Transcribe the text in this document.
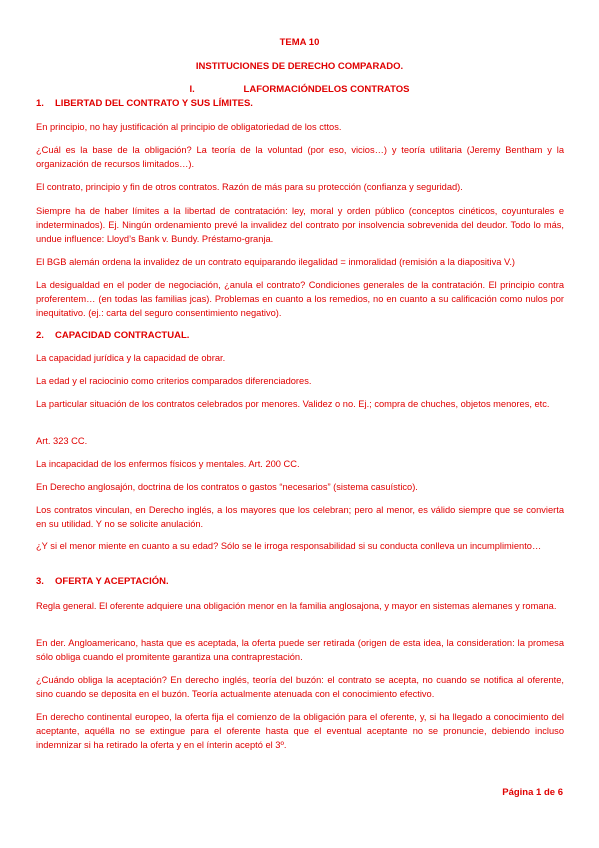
TEMA 10
INSTITUCIONES DE DERECHO COMPARADO.
I.	LAFORMACIÓNDELOS CONTRATOS
1. LIBERTAD DEL CONTRATO Y SUS LÍMITES.
En principio, no hay justificación al principio de obligatoriedad de los cttos.
¿Cuál es la base de la obligación? La teoría de la voluntad (por eso, vicios…) y teoría utilitaria (Jeremy Bentham y la organización de recursos limitados…).
El contrato, principio y fin de otros contratos. Razón de más para su protección (confianza y seguridad).
Siempre ha de haber límites a la libertad de contratación: ley, moral y orden público (conceptos cinéticos, coyunturales e indeterminados). Ej. Ningún ordenamiento prevé la invalidez del contrato por insolvencia sobrevenida del deudor. Todo lo más, undue influence: Lloyd’s Bank v. Bundy. Préstamo-granja.
El BGB alemán ordena la invalidez de un contrato equiparando ilegalidad = inmoralidad (remisión a la diapositiva V.)
La desigualdad en el poder de negociación, ¿anula el contrato? Condiciones generales de la contratación. El principio contra proferentem… (en todas las familias jcas). Problemas en cuanto a los remedios, no en cuanto a su calificación como nulos por inequitativo. (ej.: carta del seguro consentimiento negativo).
2. CAPACIDAD CONTRACTUAL.
La capacidad jurídica y la capacidad de obrar.
La edad y el raciocinio como criterios comparados diferenciadores.
La particular situación de los contratos celebrados por menores. Validez o no. Ej.; compra de chuches, objetos menores, etc.
Art. 323 CC.
La incapacidad de los enfermos físicos y mentales. Art. 200 CC.
En Derecho anglosajón, doctrina de los contratos o gastos “necesarios” (sistema casuístico).
Los contratos vinculan, en Derecho inglés, a los mayores que los celebran; pero al menor, es válido siempre que se convierta en su utilidad. Y no se solicite anulación.
¿Y si el menor miente en cuanto a su edad? Sólo se le irroga responsabilidad si su conducta conlleva un incumplimiento…
3. OFERTA Y ACEPTACIÓN.
Regla general. El oferente adquiere una obligación menor en la familia anglosajona, y mayor en sistemas alemanes y romana.
En der. Angloamericano, hasta que es aceptada, la oferta puede ser retirada (origen de esta idea, la consideration: la promesa sólo obliga cuando el promitente garantiza una contraprestación.
¿Cuándo obliga la aceptación? En derecho inglés, teoría del buzón: el contrato se acepta, no cuando se notifica al oferente, sino cuando se deposita en el buzón. Teoría actualmente atenuada con el conocimiento efectivo.
En derecho continental europeo, la oferta fija el comienzo de la obligación para el oferente, y, si ha llegado a conocimiento del aceptante, aquélla no se extingue para el oferente hasta que el eventual aceptante no se pronuncie, debiendo incluso indemnizar si ha retirado la oferta y en el ínterin aceptó el 3º.
Página 1 de 6
